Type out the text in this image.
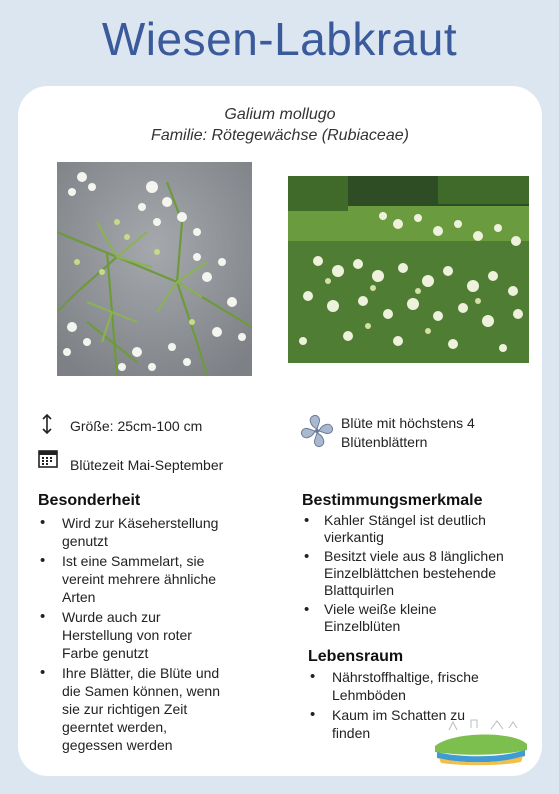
Wiesen-Labkraut
Galium mollugo
Familie: Rötegewächse (Rubiaceae)
Größe: 25cm-100 cm
Blütezeit Mai-September
Blüte mit höchstens 4
Blütenblättern
Besonderheit
• Wird zur Käseherstellung
genutzt
• Ist eine Sammelart, sie
vereint mehrere ähnliche
Arten
• Wurde auch zur
Herstellung von roter
Farbe genutzt
• Ihre Blätter, die Blüte und
die Samen können, wenn
sie zur richtigen Zeit
geerntet werden,
gegessen werden
Bestimmungsmerkmale
• Kahler Stängel ist deutlich
vierkantig
• Besitzt viele aus 8 länglichen
Einzelblättchen bestehende
Blattquirlen
• Viele weiße kleine
Einzelblüten
Lebensraum
• Nährstoffhaltige, frische
Lehmböden
• Kaum im Schatten zu
finden
